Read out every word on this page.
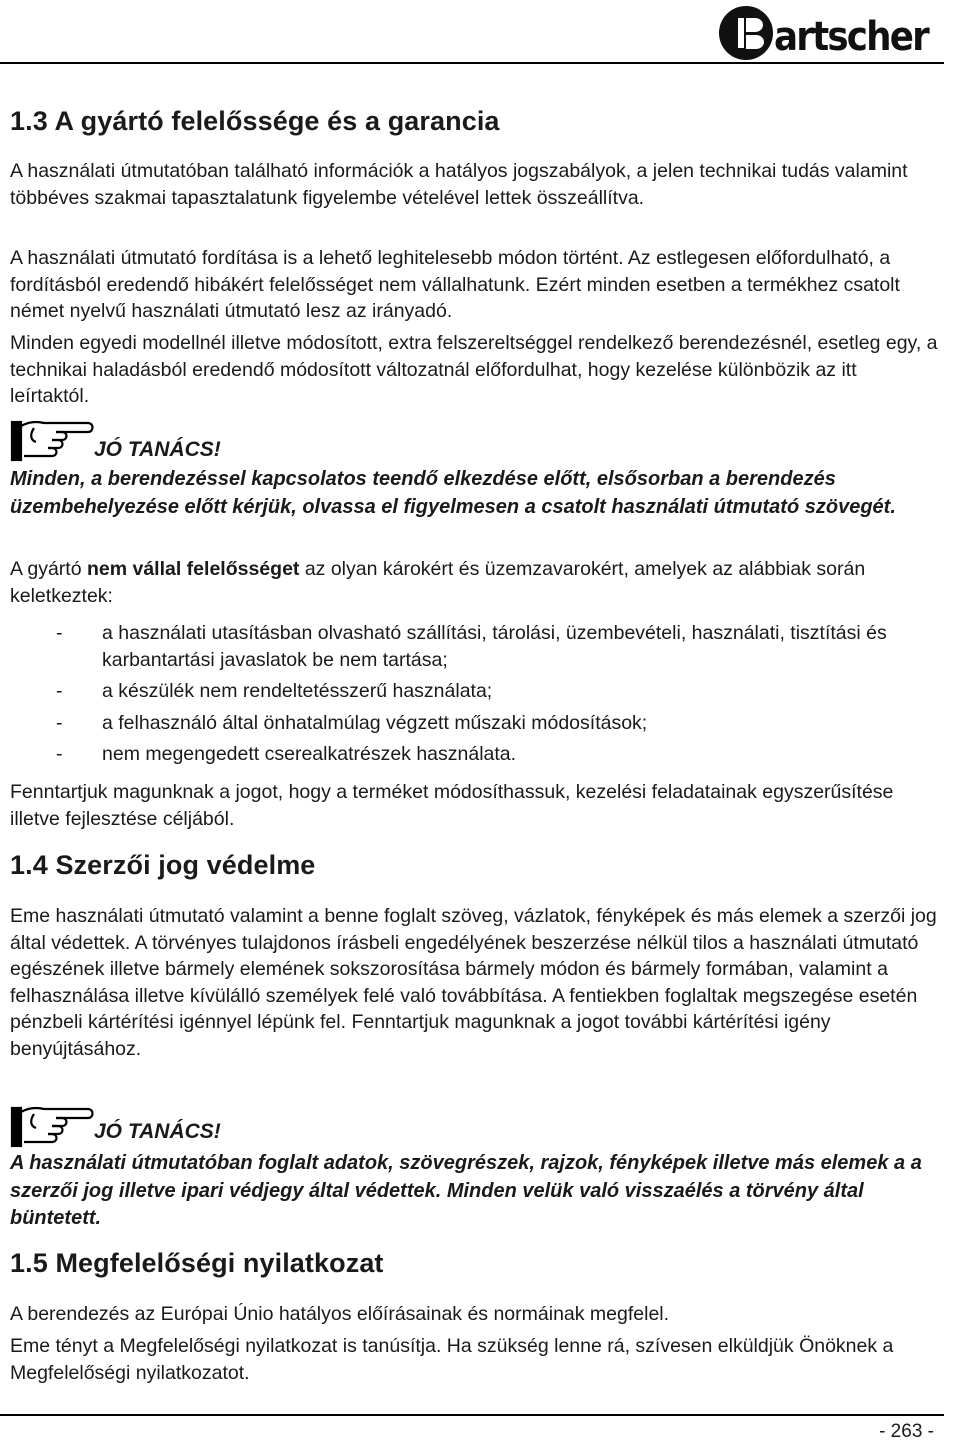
artscher
1.3 A gyártó felelőssége és a garancia

A használati útmutatóban található információk a hatályos jogszabályok, a jelen technikai tudás valamint többéves szakmai tapasztalatunk figyelembe vételével lettek összeállítva.

A használati útmutató fordítása is a lehető leghitelesebb módon történt. Az estlegesen előfordulható, a fordításból eredendő hibákért felelősséget nem vállalhatunk. Ezért minden esetben a termékhez csatolt német nyelvű használati útmutató lesz az irányadó.

Minden egyedi modellnél illetve módosított, extra felszereltséggel rendelkező berendezésnél, esetleg egy, a technikai haladásból eredendő módosított változatnál előfordulhat, hogy kezelése különbözik az itt leírtaktól.

JÓ TANÁCS!

Minden, a berendezéssel kapcsolatos teendő elkezdése előtt, elsősorban a berendezés üzembehelyezése előtt kérjük, olvassa el figyelmesen a csatolt használati útmutató szövegét.

A gyártó nem vállal felelősséget az olyan károkért és üzemzavarokért, amelyek az alábbiak során keletkeztek:

- a használati utasításban olvasható szállítási, tárolási, üzembevételi, használati, tisztítási és karbantartási javaslatok be nem tartása;
- a készülék nem rendeltetésszerű használata;
- a felhasználó által önhatalmúlag végzett műszaki módosítások;
- nem megengedett cserealkatrészek használata.

Fenntartjuk magunknak a jogot, hogy a terméket módosíthassuk, kezelési feladatainak egyszerűsítése illetve fejlesztése céljából.

1.4 Szerzői jog védelme

Eme használati útmutató valamint a benne foglalt szöveg, vázlatok, fényképek és más elemek a szerzői jog által védettek. A törvényes tulajdonos írásbeli engedélyének beszerzése nélkül tilos a használati útmutató egészének illetve bármely elemének sokszorosítása bármely módon és bármely formában, valamint a felhasználása illetve kívülálló személyek felé való továbbítása. A fentiekben foglaltak megszegése esetén pénzbeli kártérítési igénnyel lépünk fel. Fenntartjuk magunknak a jogot további kártérítési igény benyújtásához.

JÓ TANÁCS!

A használati útmutatóban foglalt adatok, szövegrészek, rajzok, fényképek illetve más elemek a a szerzői jog illetve ipari védjegy által védettek. Minden velük való visszaélés a törvény által büntetett.

1.5 Megfelelőségi nyilatkozat

A berendezés az Európai Únio hatályos előírásainak és normáinak megfelel.

Eme tényt a Megfelelőségi nyilatkozat is tanúsítja. Ha szükség lenne rá, szívesen elküldjük Önöknek a Megfelelőségi nyilatkozatot.

- 263 -
